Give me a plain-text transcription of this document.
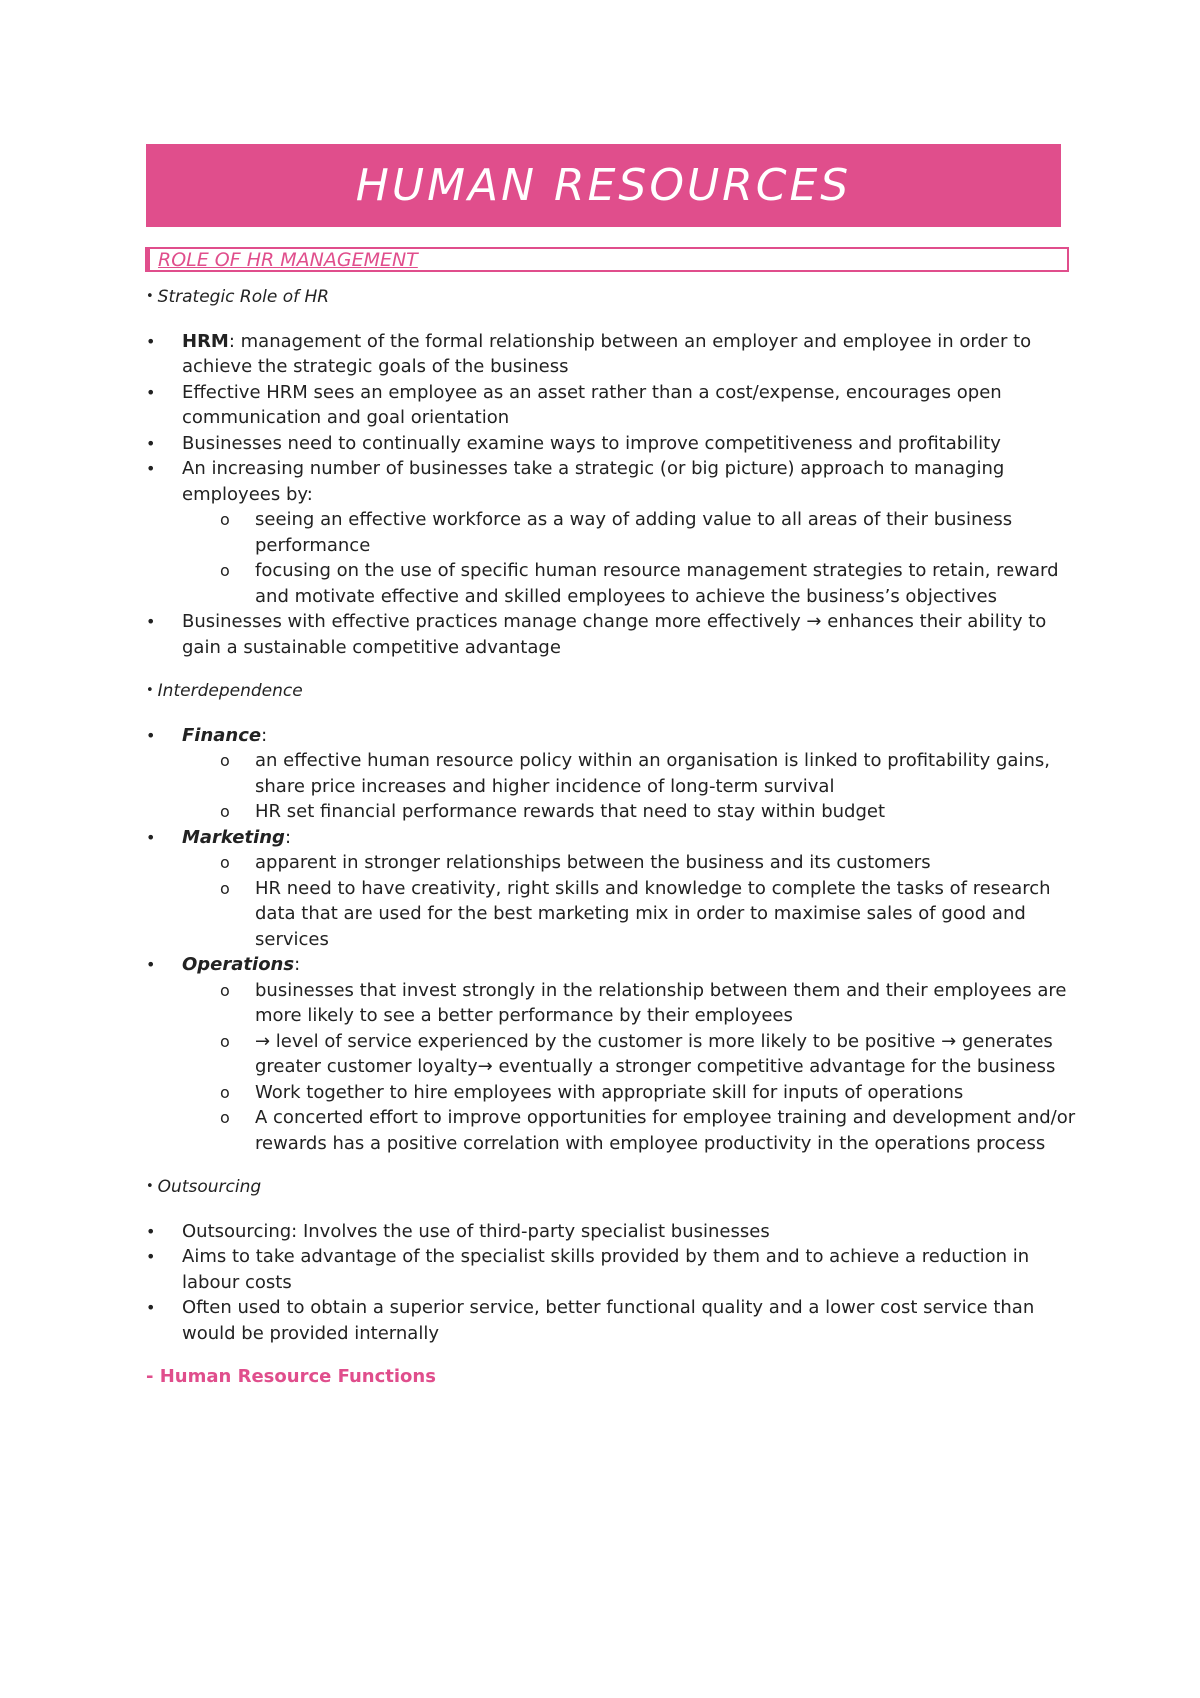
HUMAN RESOURCES
ROLE OF HR MANAGEMENT

• Strategic Role of HR

• HRM: management of the formal relationship between an employer and employee in order to achieve the strategic goals of the business
• Effective HRM sees an employee as an asset rather than a cost/expense, encourages open communication and goal orientation
• Businesses need to continually examine ways to improve competitiveness and profitability
• An increasing number of businesses take a strategic (or big picture) approach to managing employees by:
o seeing an effective workforce as a way of adding value to all areas of their business performance
o focusing on the use of specific human resource management strategies to retain, reward and motivate effective and skilled employees to achieve the business’s objectives
• Businesses with effective practices manage change more effectively → enhances their ability to gain a sustainable competitive advantage

• Interdependence

• Finance:
o an effective human resource policy within an organisation is linked to profitability gains, share price increases and higher incidence of long-term survival
o HR set financial performance rewards that need to stay within budget
• Marketing:
o apparent in stronger relationships between the business and its customers
o HR need to have creativity, right skills and knowledge to complete the tasks of research data that are used for the best marketing mix in order to maximise sales of good and services
• Operations:
o businesses that invest strongly in the relationship between them and their employees are more likely to see a better performance by their employees
o → level of service experienced by the customer is more likely to be positive → generates greater customer loyalty→ eventually a stronger competitive advantage for the business
o Work together to hire employees with appropriate skill for inputs of operations
o A concerted effort to improve opportunities for employee training and development and/or rewards has a positive correlation with employee productivity in the operations process

• Outsourcing

• Outsourcing: Involves the use of third-party specialist businesses
• Aims to take advantage of the specialist skills provided by them and to achieve a reduction in labour costs
• Often used to obtain a superior service, better functional quality and a lower cost service than would be provided internally

- Human Resource Functions
